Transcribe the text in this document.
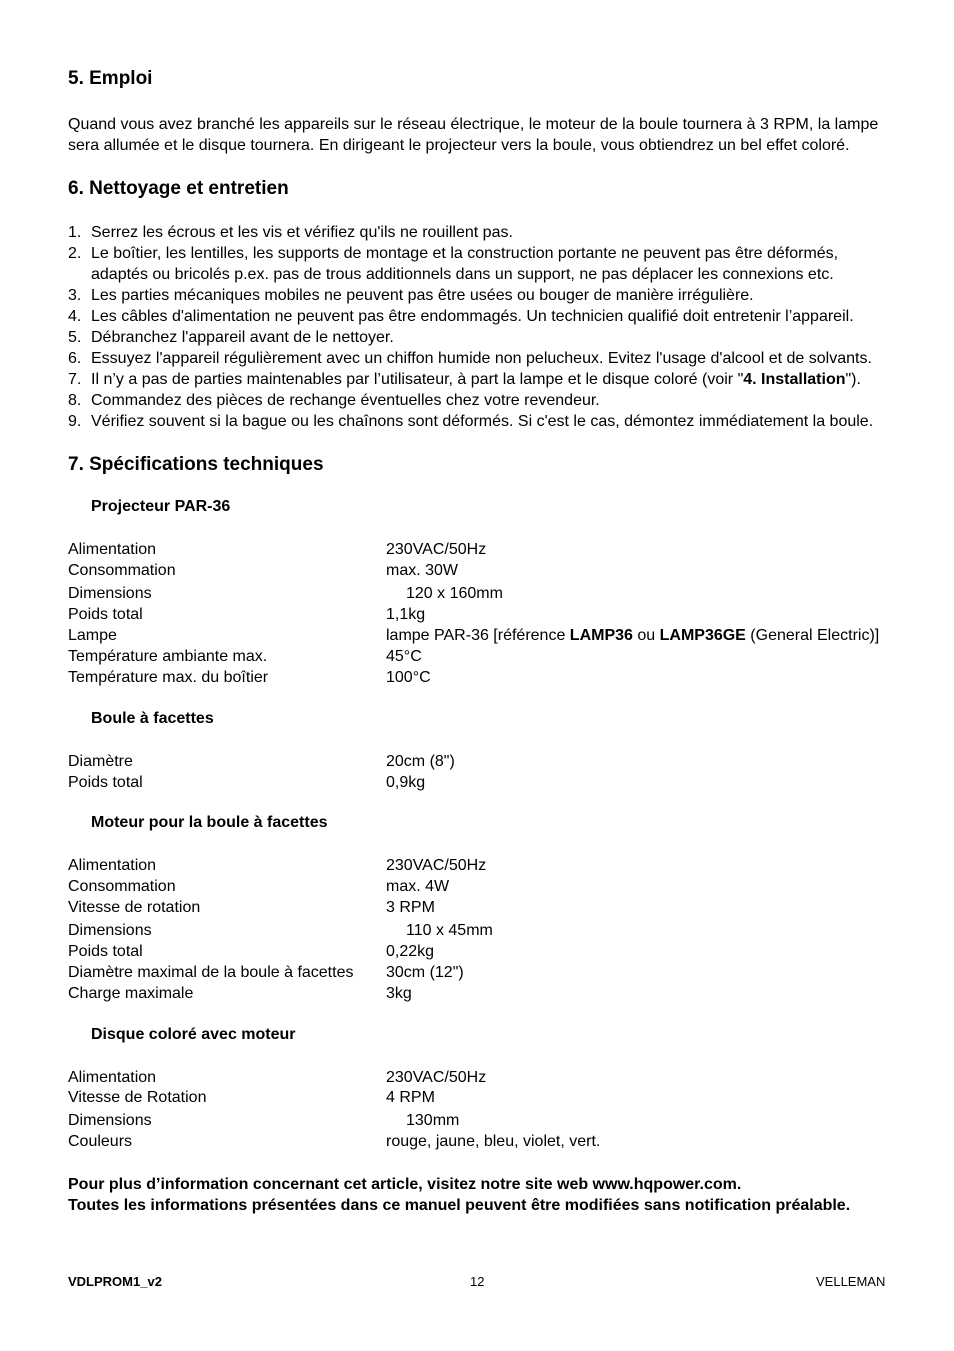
5. Emploi

Quand vous avez branché les appareils sur le réseau électrique, le moteur de la boule tournera à 3 RPM, la lampe sera allumée et le disque tournera. En dirigeant le projecteur vers la boule, vous obtiendrez un bel effet coloré.

6. Nettoyage et entretien
1. Serrez les écrous et les vis et vérifiez qu'ils ne rouillent pas.
2. Le boîtier, les lentilles, les supports de montage et la construction portante ne peuvent pas être déformés, adaptés ou bricolés p.ex. pas de trous additionnels dans un support, ne pas déplacer les connexions etc.
3. Les parties mécaniques mobiles ne peuvent pas être usées ou bouger de manière irrégulière.
4. Les câbles d'alimentation ne peuvent pas être endommagés. Un technicien qualifié doit entretenir l’appareil.
5. Débranchez l'appareil avant de le nettoyer.
6. Essuyez l'appareil régulièrement avec un chiffon humide non pelucheux. Evitez l'usage d'alcool et de solvants.
7. Il n’y a pas de parties maintenables par l’utilisateur, à part la lampe et le disque coloré (voir "4. Installation").
8. Commandez des pièces de rechange éventuelles chez votre revendeur.
9. Vérifiez souvent si la bague ou les chaînons sont déformés. Si c'est le cas, démontez immédiatement la boule.
7. Spécifications techniques
Projecteur PAR-36
Alimentation	230VAC/50Hz
Consommation	max. 30W
Dimensions	120 x 160mm
Poids total	1,1kg
Lampe	lampe PAR-36 [référence LAMP36 ou LAMP36GE (General Electric)]
Température ambiante max.	45°C
Température max. du boîtier	100°C
Boule à facettes
Diamètre	20cm (8")
Poids total	0,9kg
Moteur pour la boule à facettes
Alimentation	230VAC/50Hz
Consommation	max. 4W
Vitesse de rotation	3 RPM
Dimensions	110 x 45mm
Poids total	0,22kg
Diamètre maximal de la boule à facettes 30cm (12")
Charge maximale	3kg
Disque coloré avec moteur
Alimentation	230VAC/50Hz
Vitesse de Rotation	4 RPM
Dimensions	130mm
Couleurs	rouge, jaune, bleu, violet, vert.

Pour plus d’information concernant cet article, visitez notre site web www.hqpower.com.

Toutes les informations présentées dans ce manuel peuvent être modifiées sans notification préalable.

VDLPROM1_v2	12	VELLEMAN
